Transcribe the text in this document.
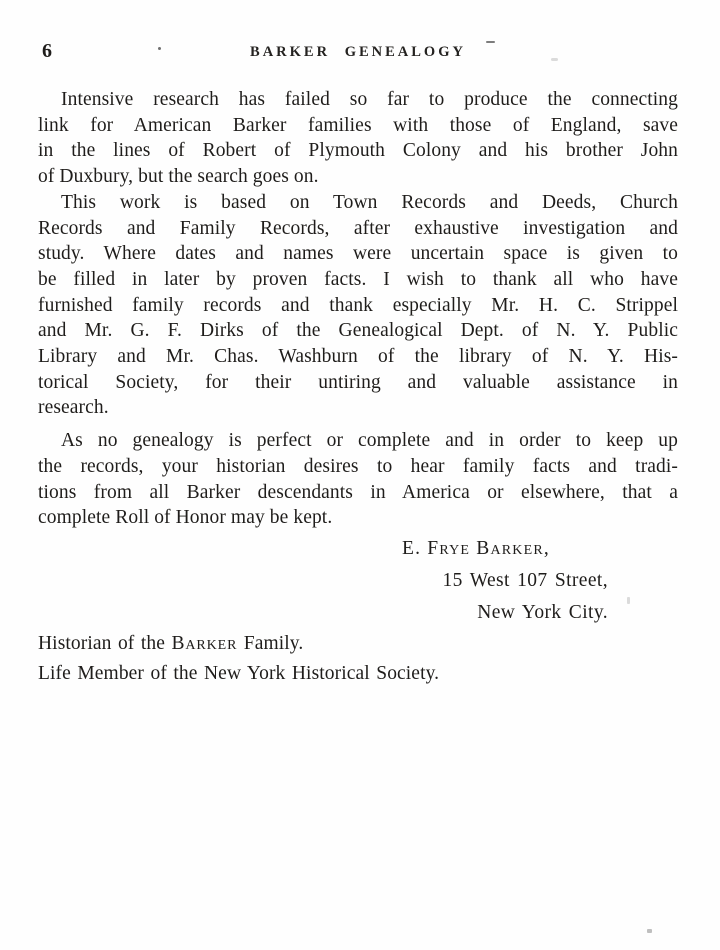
6	BARKER GENEALOGY
Intensive research has failed so far to produce the connecting
link for American Barker families with those of England, save
in the lines of Robert of Plymouth Colony and his brother John
of Duxbury, but the search goes on.
This work is based on Town Records and Deeds, Church
Records and Family Records, after exhaustive investigation and
study. Where dates and names were uncertain space is given to
be filled in later by proven facts. I wish to thank all who have
furnished family records and thank especially Mr. H. C. Strippel
and Mr. G. F. Dirks of the Genealogical Dept. of N. Y. Public
Library and Mr. Chas. Washburn of the library of N. Y. His-
torical Society, for their untiring and valuable assistance in
research.
As no genealogy is perfect or complete and in order to keep up
the records, your historian desires to hear family facts and tradi-
tions from all Barker descendants in America or elsewhere, that a
complete Roll of Honor may be kept.
E. Frye Barker,
15 West 107 Street,
New York City.
Historian of the Barker Family.
Life Member of the New York Historical Society.
